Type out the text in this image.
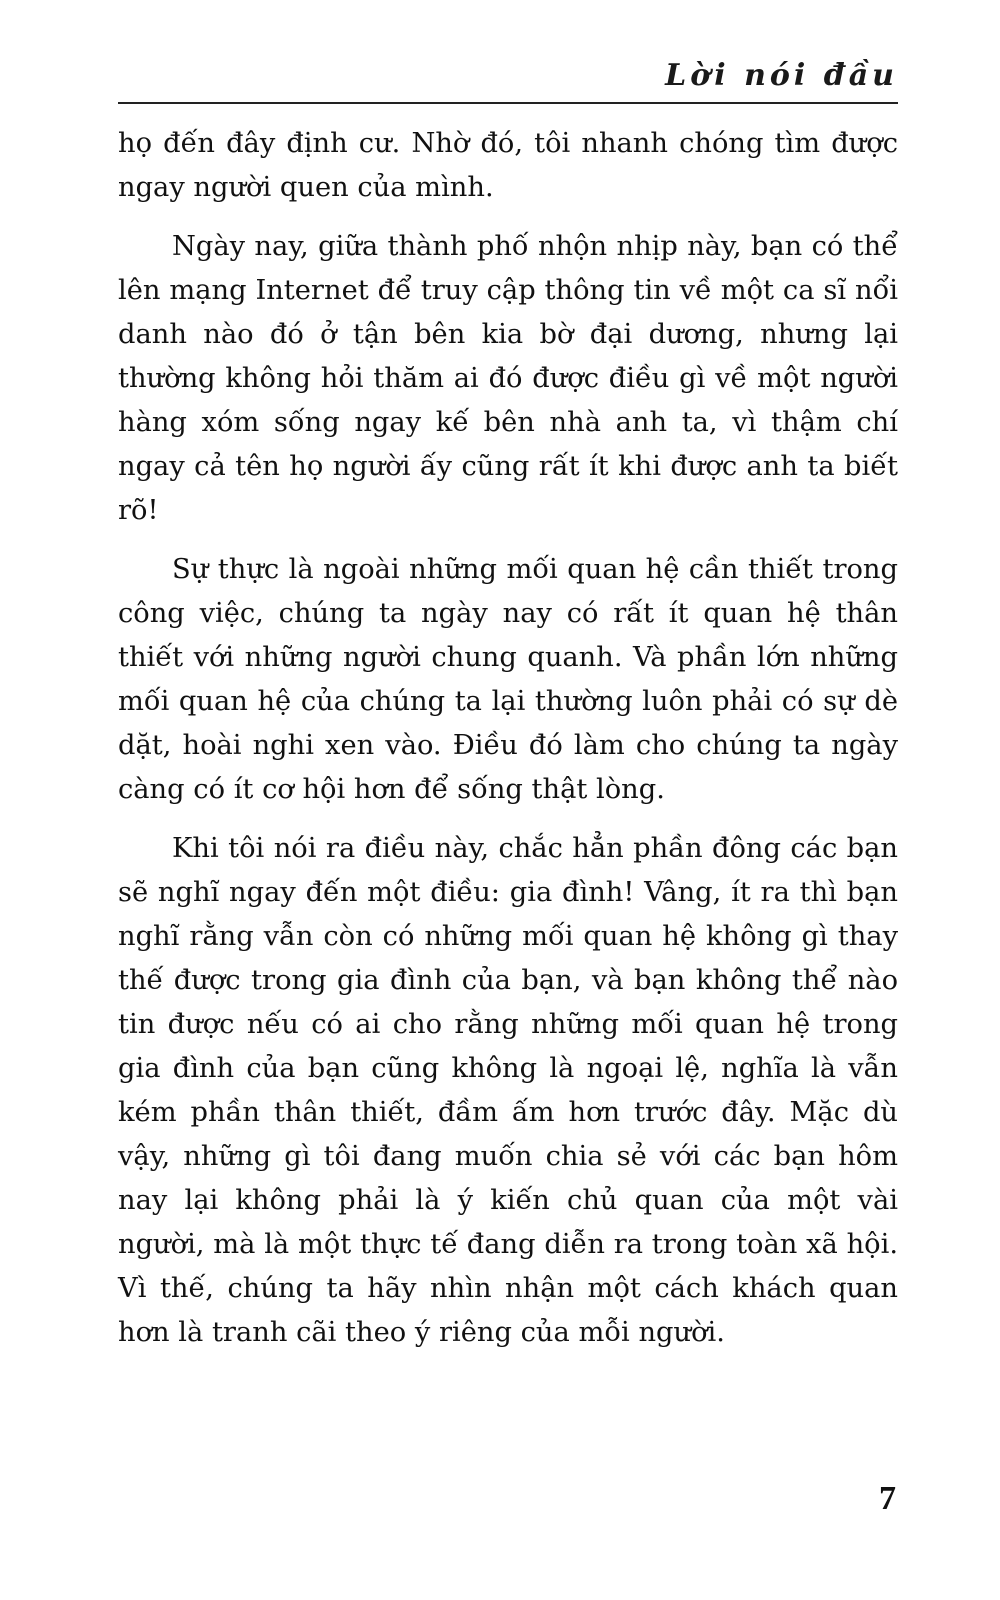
Lời nói đầu

họ đến đây định cư. Nhờ đó, tôi nhanh chóng tìm được ngay người quen của mình.

Ngày nay, giữa thành phố nhộn nhịp này, bạn có thể lên mạng Internet để truy cập thông tin về một ca sĩ nổi danh nào đó ở tận bên kia bờ đại dương, nhưng lại thường không hỏi thăm ai đó được điều gì về một người hàng xóm sống ngay kế bên nhà anh ta, vì thậm chí ngay cả tên họ người ấy cũng rất ít khi được anh ta biết rõ!

Sự thực là ngoài những mối quan hệ cần thiết trong công việc, chúng ta ngày nay có rất ít quan hệ thân thiết với những người chung quanh. Và phần lớn những mối quan hệ của chúng ta lại thường luôn phải có sự dè dặt, hoài nghi xen vào. Điều đó làm cho chúng ta ngày càng có ít cơ hội hơn để sống thật lòng.

Khi tôi nói ra điều này, chắc hẳn phần đông các bạn sẽ nghĩ ngay đến một điều: gia đình! Vâng, ít ra thì bạn nghĩ rằng vẫn còn có những mối quan hệ không gì thay thế được trong gia đình của bạn, và bạn không thể nào tin được nếu có ai cho rằng những mối quan hệ trong gia đình của bạn cũng không là ngoại lệ, nghĩa là vẫn kém phần thân thiết, đầm ấm hơn trước đây. Mặc dù vậy, những gì tôi đang muốn chia sẻ với các bạn hôm nay lại không phải là ý kiến chủ quan của một vài người, mà là một thực tế đang diễn ra trong toàn xã hội. Vì thế, chúng ta hãy nhìn nhận một cách khách quan hơn là tranh cãi theo ý riêng của mỗi người.

7
